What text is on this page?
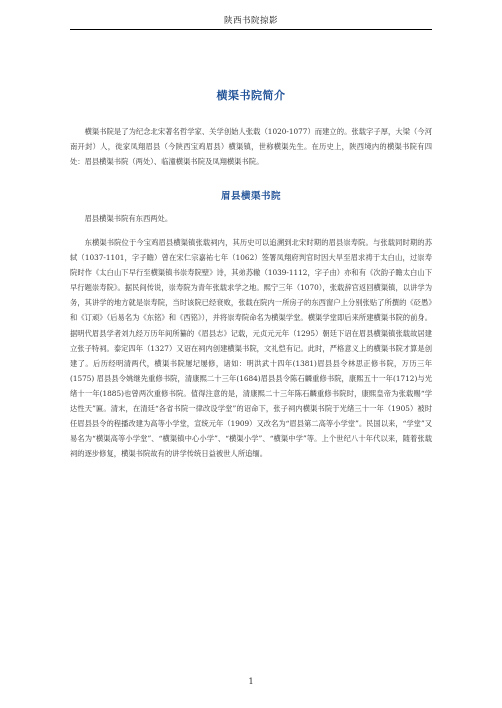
陕西书院掠影
横渠书院简介

横渠书院是了为纪念北宋著名哲学家、关学创始人张载（1020-1077）而建立的。张载字子厚，大梁（今河南开封）人，徙家凤翔眉县（今陕西宝鸡眉县）横渠镇，世称横渠先生。在历史上，陕西境内的横渠书院有四处：眉县横渠书院（两处）、临潼横渠书院及凤翔横渠书院。

眉县横渠书院

眉县横渠书院有东西两处。

东横渠书院位于今宝鸡眉县横渠镇张载祠内，其历史可以追溯到北宋时期的眉县崇寿院。与张载同时期的苏轼（1037-1101，字子瞻）曾在宋仁宗嘉祐七年（1062）签署凤翔府判官时因大旱至眉求祷于太白山，过崇寿院时作《太白山下早行至横渠镇书崇寿院壁》诗，其弟苏辙（1039-1112，字子由）亦和有《次韵子瞻太白山下早行题崇寿院》。据民间传说，崇寿院为青年张载求学之地。熙宁三年（1070），张载辞官返回横渠镇，以讲学为务，其讲学的地方就是崇寿院，当时该院已经衰败，张载在院内一所房子的东西窗户上分别张贴了所撰的《砭愚》和《订顽》（后易名为《东铭》和《西铭》），并将崇寿院命名为横渠学堂。横渠学堂即后来所建横渠书院的前身。据明代眉县学者刘九经万历年间所纂的《眉县志》记载，元贞元元年（1295）朝廷下诏在眉县横渠镇张载故居建立张子特祠。泰定四年（1327）又诏在祠内创建横渠书院，文礼恺有记。此时，严格意义上的横渠书院才算是创建了。后历经明清两代，横渠书院屡圮屡修，诸如：明洪武十四年(1381)眉县县令林思正修书院，万历三年(1575) 眉县县令姚继先重修书院，清康熙二十三年(1684)眉县县令陈石麟重修书院，康熙五十一年(1712)与光绪十一年(1885)也曾两次重修书院。值得注意的是，清康熙二十三年陈石麟重修书院时，康熙皇帝为张载赐“学达性天”匾。清末，在清廷“各省书院一律改设学堂”的诏命下，张子祠内横渠书院于光绪三十一年（1905）被时任眉县县令的程播改建为高等小学堂，宣统元年（1909）又改名为“眉县第二高等小学堂”。民国以来，“学堂”又易名为“横渠高等小学堂”、“横渠镇中心小学”、“横渠小学”、“横渠中学”等。上个世纪八十年代以来，随着张载祠的逐步修复，横渠书院故有的讲学传统日益被世人所追缅。

1
